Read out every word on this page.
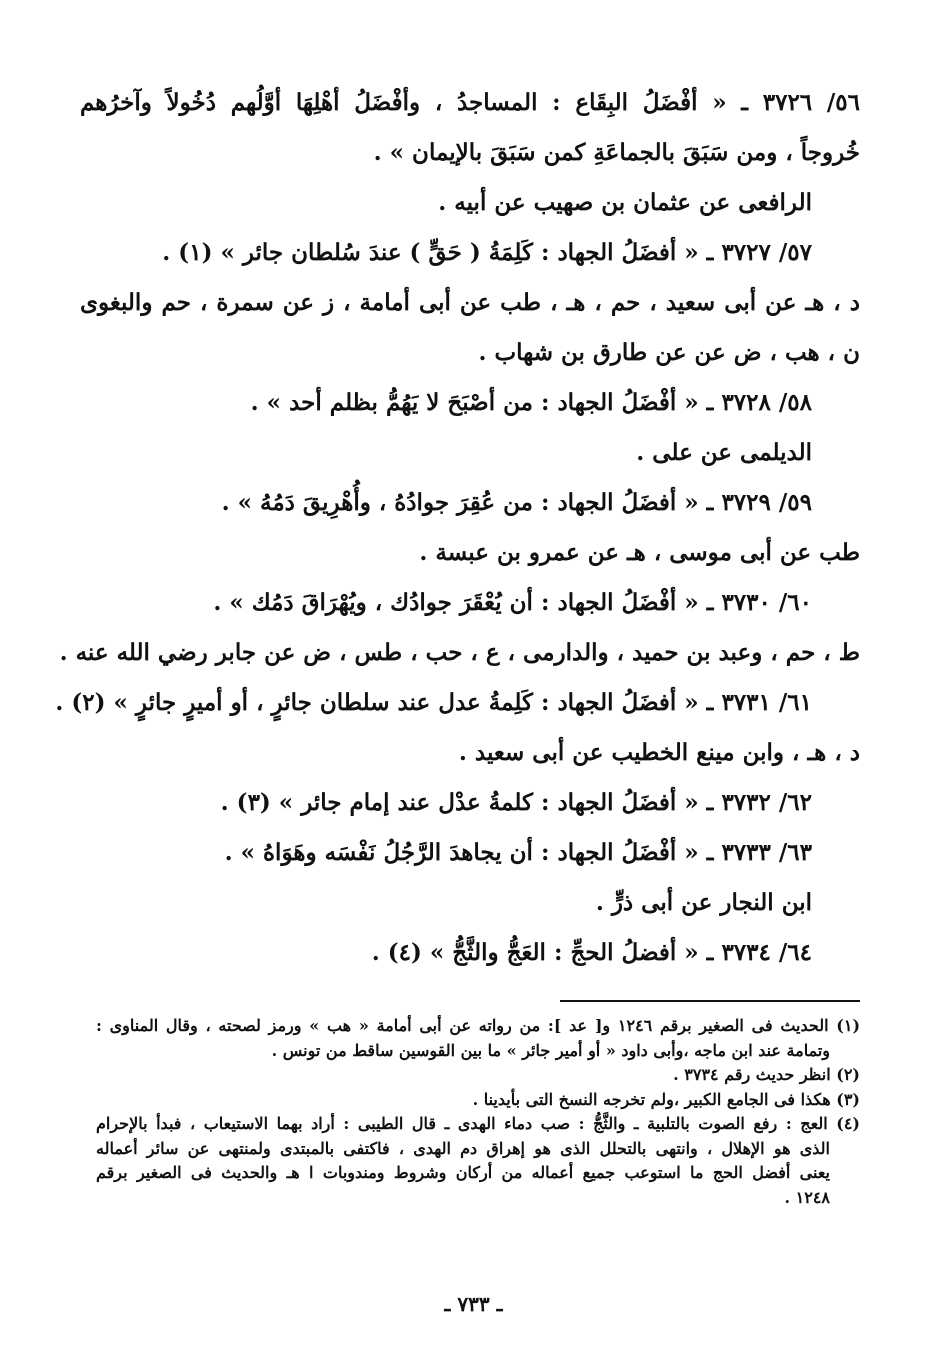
٥٦/ ٣٧٢٦ ـ « أفْضَلُ البِقَاع : المساجدُ ، وأفْضَلُ أهْلِهَا أوَّلُهم دُخُولاً وآخرُهم
خُروجاً ، ومن سَبَقَ بالجماعَةِ كمن سَبَقَ بالإيمان » .
الرافعى عن عثمان بن صهيب عن أبيه .
٥٧/ ٣٧٢٧ ـ « أفضَلُ الجهاد : كَلِمَةُ ( حَقٍّ ) عندَ سُلطان جائر » (١) .
د ، هـ عن أبى سعيد ، حم ، هـ ، طب عن أبى أمامة ، ز عن سمرة ، حم والبغوى
ن ، هب ، ض عن عن طارق بن شهاب .
٥٨/ ٣٧٢٨ ـ « أفْضَلُ الجهاد : من أصْبَحَ لا يَهُمُّ بظلم أحد » .
الديلمى عن على .
٥٩/ ٣٧٢٩ ـ « أفضَلُ الجهاد : من عُقِرَ جوادُهُ ، وأُهْرِيقَ دَمُهُ » .
طب عن أبى موسى ، هـ عن عمرو بن عبسة .
٦٠/ ٣٧٣٠ ـ « أفْضَلُ الجهاد : أن يُعْقَرَ جوادُك ، ويُهْرَاقَ دَمُك » .
ط ، حم ، وعبد بن حميد ، والدارمى ، ع ، حب ، طس ، ض عن جابر رضي الله عنه .
٦١/ ٣٧٣١ ـ « أفضَلُ الجهاد : كَلِمةُ عدل عند سلطان جائرٍ ، أو أميرٍ جائرٍ » (٢) .
د ، هـ ، وابن مينع الخطيب عن أبى سعيد .
٦٢/ ٣٧٣٢ ـ « أفضَلُ الجهاد : كلمةُ عدْل عند إمام جائر » (٣) .
٦٣/ ٣٧٣٣ ـ « أفْضَلُ الجهاد : أن يجاهدَ الرَّجُلُ نَفْسَه وهَوَاهُ » .
ابن النجار عن أبى ذرٍّ .
٦٤/ ٣٧٣٤ ـ « أفضلُ الحجِّ : العَجُّ والثَّجُّ » (٤) .
(١) الحديث فى الصغير برقم ١٢٤٦ و[ عد ]: من رواته عن أبى أمامة « هب » ورمز لصحته ، وقال المناوى :
وتمامة عند ابن ماجه ،وأبى داود « أو أمير جائر » ما بين القوسين ساقط من تونس .
(٢) انظر حديث رقم ٣٧٣٤ .
(٣) هكذا فى الجامع الكبير ،ولم تخرجه النسخ التى بأيدينا .
(٤) العج : رفع الصوت بالتلبية ـ والثَّجُّ : صب دماء الهدى ـ قال الطيبى : أراد بهما الاستيعاب ، فبدأ بالإحرام
الذى هو الإهلال ، وانتهى بالتحلل الذى هو إهراق دم الهدى ، فاكتفى بالمبتدى ولمنتهى عن سائر أعماله
يعنى أفضل الحج ما استوعب جميع أعماله من أركان وشروط ومندوبات ا هـ والحديث فى الصغير برقم
١٢٤٨ .
ـ ٧٣٣ ـ
